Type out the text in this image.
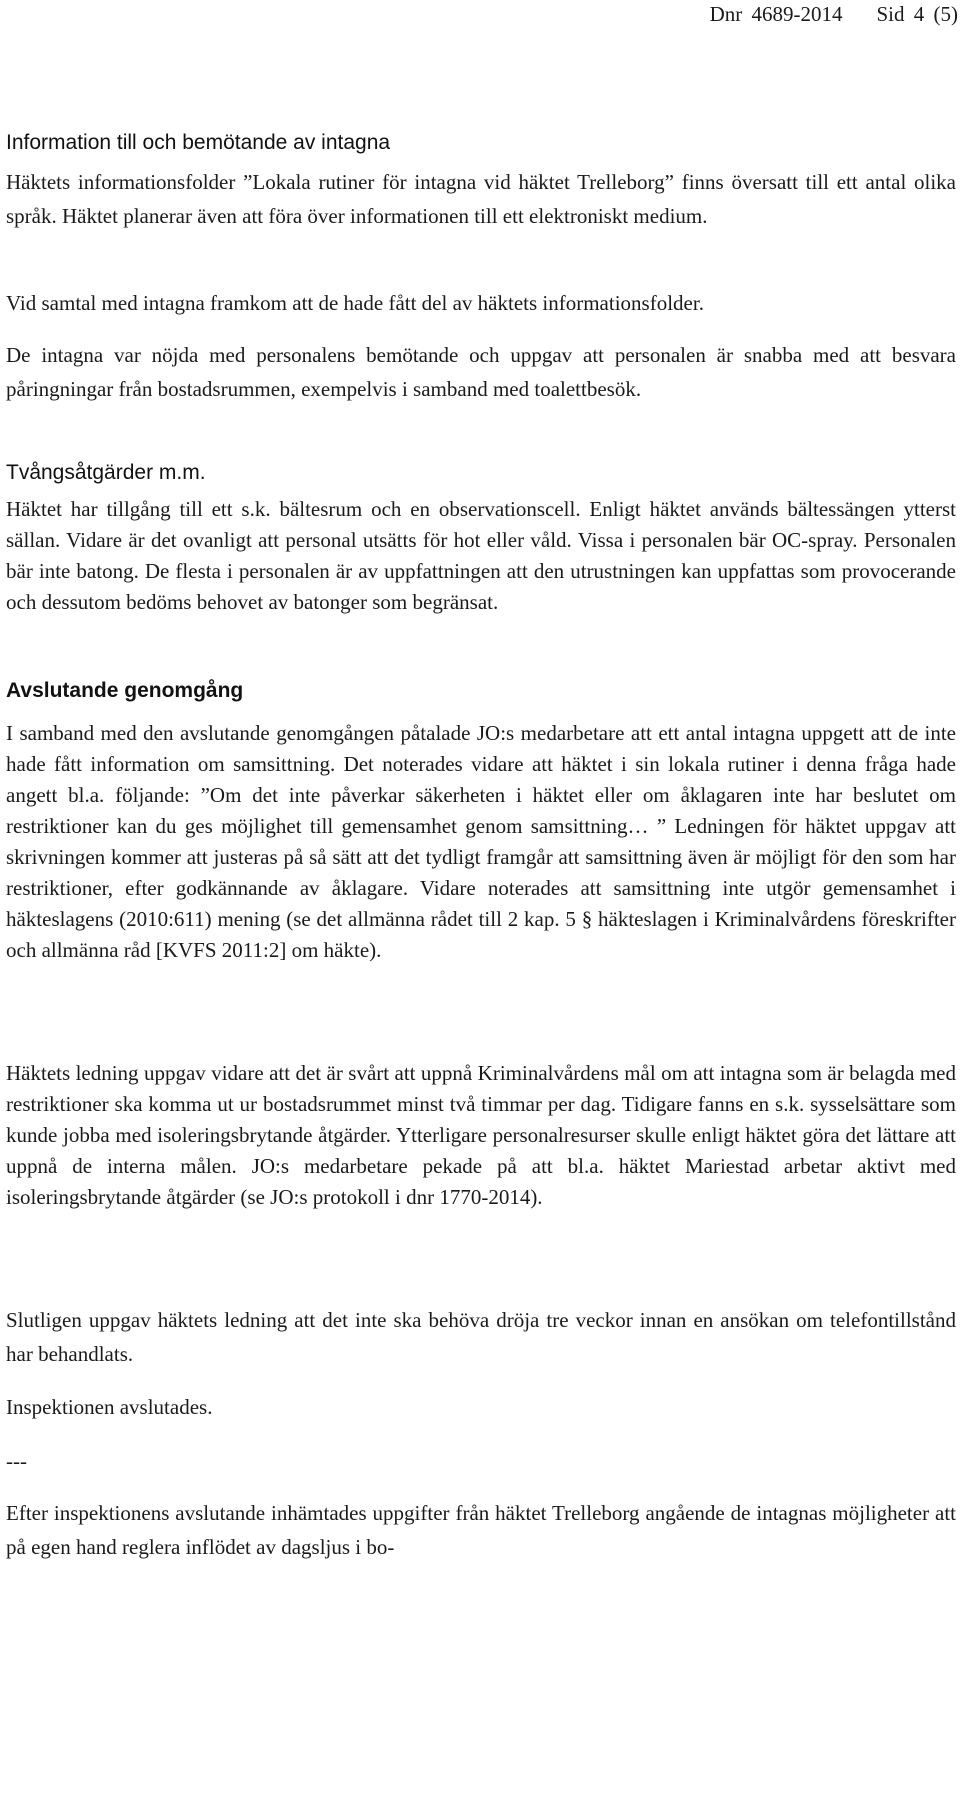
Dnr 4689-2014 Sid 4 (5)
Information till och bemötande av intagna
Häktets informationsfolder ”Lokala rutiner för intagna vid häktet Trelleborg” finns översatt till ett antal olika språk. Häktet planerar även att föra över informationen till ett elektroniskt medium.
Vid samtal med intagna framkom att de hade fått del av häktets informationsfolder.
De intagna var nöjda med personalens bemötande och uppgav att personalen är snabba med att besvara påringningar från bostadsrummen, exempelvis i samband med toalettbesök.
Tvångsåtgärder m.m.
Häktet har tillgång till ett s.k. bältesrum och en observationscell. Enligt häktet används bältessängen ytterst sällan. Vidare är det ovanligt att personal utsätts för hot eller våld. Vissa i personalen bär OC-spray. Personalen bär inte batong. De flesta i personalen är av uppfattningen att den utrustningen kan uppfattas som provocerande och dessutom bedöms behovet av batonger som begränsat.
Avslutande genomgång
I samband med den avslutande genomgången påtalade JO:s medarbetare att ett antal intagna uppgett att de inte hade fått information om samsittning. Det noterades vidare att häktet i sin lokala rutiner i denna fråga hade angett bl.a. följande: ”Om det inte påverkar säkerheten i häktet eller om åklagaren inte har beslutet om restriktioner kan du ges möjlighet till gemensamhet genom samsittning… ” Ledningen för häktet uppgav att skrivningen kommer att justeras på så sätt att det tydligt framgår att samsittning även är möjligt för den som har restriktioner, efter godkännande av åklagare. Vidare noterades att samsittning inte utgör gemensamhet i häkteslagens (2010:611) mening (se det allmänna rådet till 2 kap. 5 § häkteslagen i Kriminalvårdens föreskrifter och allmänna råd [KVFS 2011:2] om häkte).
Häktets ledning uppgav vidare att det är svårt att uppnå Kriminalvårdens mål om att intagna som är belagda med restriktioner ska komma ut ur bostadsrummet minst två timmar per dag. Tidigare fanns en s.k. sysselsättare som kunde jobba med isoleringsbrytande åtgärder. Ytterligare personalresurser skulle enligt häktet göra det lättare att uppnå de interna målen. JO:s medarbetare pekade på att bl.a. häktet Mariestad arbetar aktivt med isoleringsbrytande åtgärder (se JO:s protokoll i dnr 1770-2014).
Slutligen uppgav häktets ledning att det inte ska behöva dröja tre veckor innan en ansökan om telefontillstånd har behandlats.
Inspektionen avslutades.
---
Efter inspektionens avslutande inhämtades uppgifter från häktet Trelleborg angående de intagnas möjligheter att på egen hand reglera inflödet av dagsljus i bo-
